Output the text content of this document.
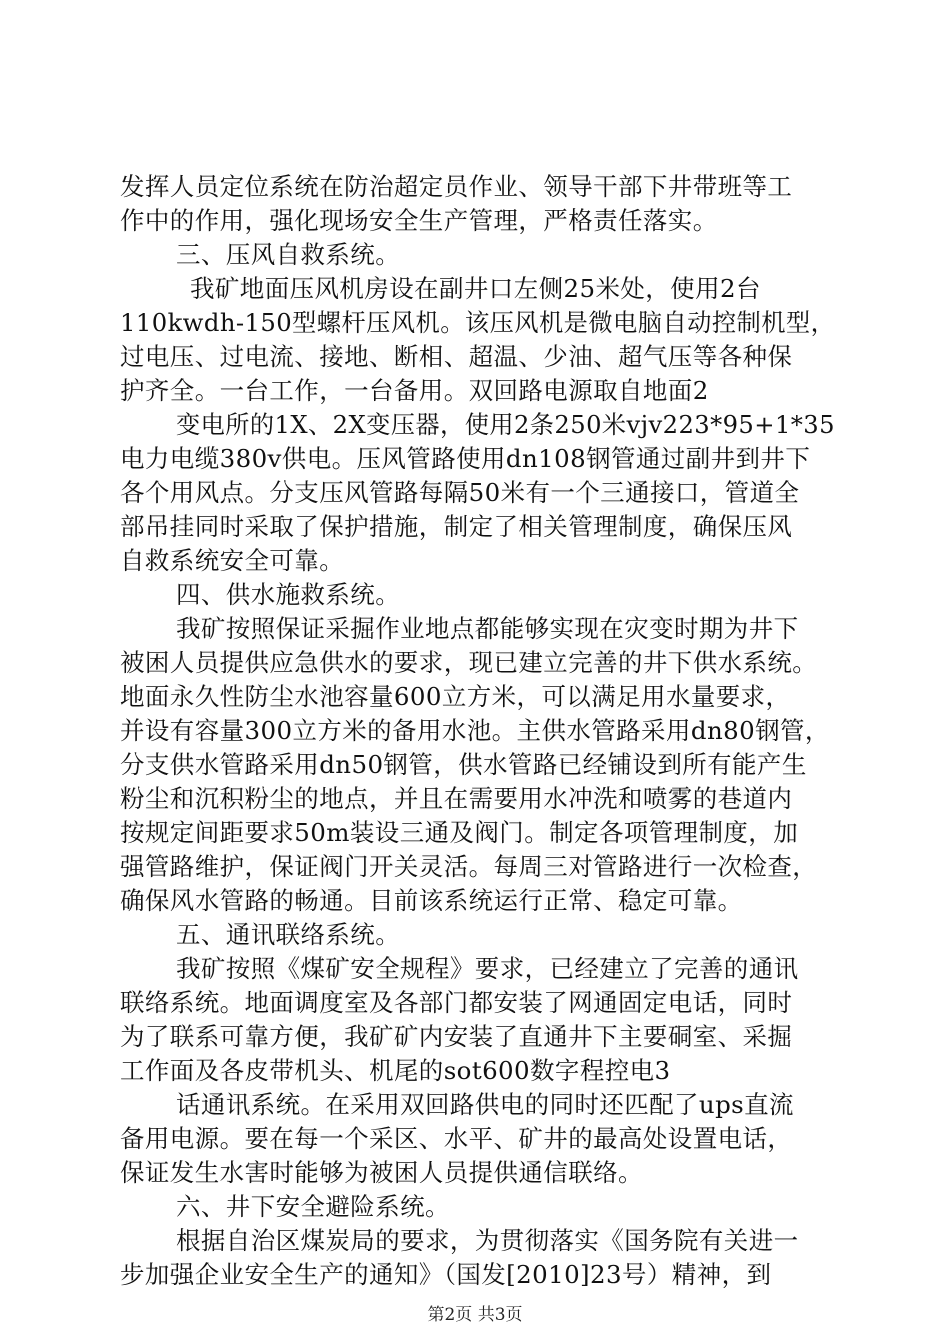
发挥人员定位系统在防治超定员作业、领导干部下井带班等工
作中的作用，强化现场安全生产管理，严格责任落实。
三、压风自救系统。
我矿地面压风机房设在副井口左侧25米处，使用2台
110kwdh-150型螺杆压风机。该压风机是微电脑自动控制机型，
过电压、过电流、接地、断相、超温、少油、超气压等各种保
护齐全。一台工作，一台备用。双回路电源取自地面2
变电所的1X、2X变压器，使用2条250米vjv223*95+1*35
电力电缆380v供电。压风管路使用dn108钢管通过副井到井下
各个用风点。分支压风管路每隔50米有一个三通接口，管道全
部吊挂同时采取了保护措施，制定了相关管理制度，确保压风
自救系统安全可靠。
四、供水施救系统。
我矿按照保证采掘作业地点都能够实现在灾变时期为井下
被困人员提供应急供水的要求，现已建立完善的井下供水系统。
地面永久性防尘水池容量600立方米，可以满足用水量要求，
并设有容量300立方米的备用水池。主供水管路采用dn80钢管，
分支供水管路采用dn50钢管，供水管路已经铺设到所有能产生
粉尘和沉积粉尘的地点，并且在需要用水冲洗和喷雾的巷道内
按规定间距要求50m装设三通及阀门。制定各项管理制度，加
强管路维护，保证阀门开关灵活。每周三对管路进行一次检查，
确保风水管路的畅通。目前该系统运行正常、稳定可靠。
五、通讯联络系统。
我矿按照《煤矿安全规程》要求，已经建立了完善的通讯
联络系统。地面调度室及各部门都安装了网通固定电话，同时
为了联系可靠方便，我矿矿内安装了直通井下主要硐室、采掘
工作面及各皮带机头、机尾的sot600数字程控电3
话通讯系统。在采用双回路供电的同时还匹配了ups直流
备用电源。要在每一个采区、水平、矿井的最高处设置电话，
保证发生水害时能够为被困人员提供通信联络。
六、井下安全避险系统。
根据自治区煤炭局的要求，为贯彻落实《国务院有关进一
步加强企业安全生产的通知》（国发[2010]23号）精神，到
第2页 共3页
